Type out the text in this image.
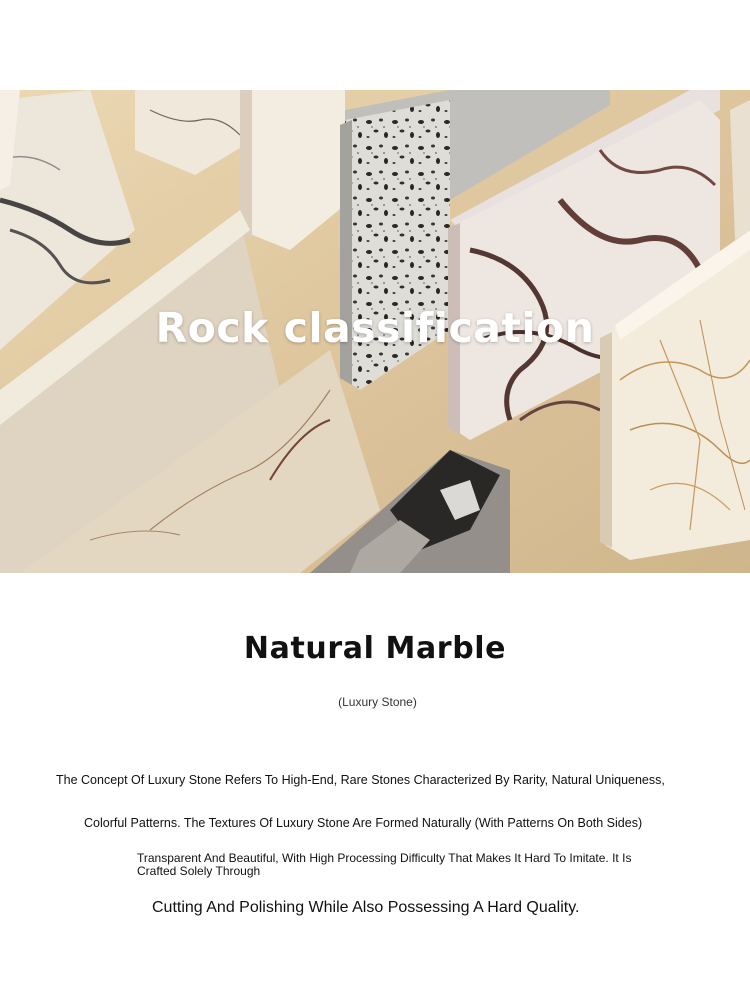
Rock classification
Natural Marble
(Luxury Stone)
The Concept Of Luxury Stone Refers To High-End, Rare Stones Characterized By Rarity, Natural Uniqueness,
Colorful Patterns. The Textures Of Luxury Stone Are Formed Naturally (With Patterns On Both Sides)
Transparent And Beautiful, With High Processing Difficulty That Makes It Hard To Imitate. It Is Crafted Solely Through
Cutting And Polishing While Also Possessing A Hard Quality.
